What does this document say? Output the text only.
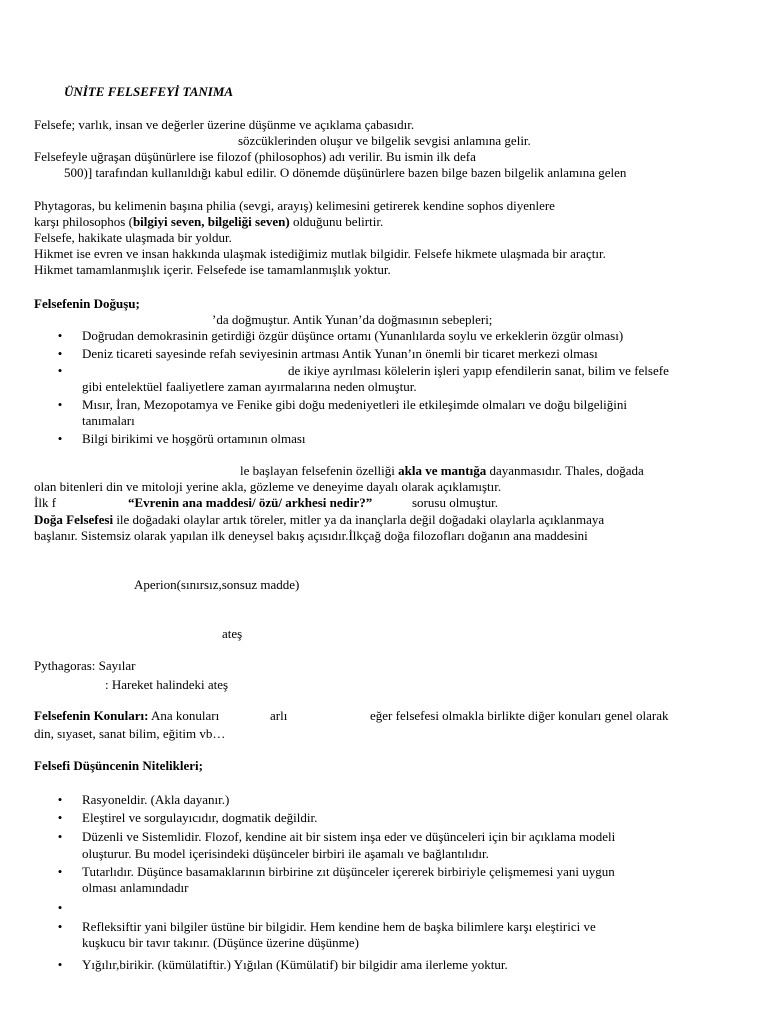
ÜNİTE FELSEFEYİ TANIMA
Felsefe; varlık, insan ve değerler üzerine düşünme ve açıklama çabasıdır.
sözcüklerinden oluşur ve bilgelik sevgisi anlamına gelir.
Felsefeyle uğraşan düşünürlere ise filozof (philosophos) adı verilir. Bu ismin ilk defa
500)] tarafından kullanıldığı kabul edilir. O dönemde düşünürlere bazen bilge bazen bilgelik anlamına gelen
Phytagoras, bu kelimenin başına philia (sevgi, arayış) kelimesini getirerek kendine sophos diyenlere
karşı philosophos (bilgiyi seven, bilgeliği seven) olduğunu belirtir.
Felsefe, hakikate ulaşmada bir yoldur.
Hikmet ise evren ve insan hakkında ulaşmak istediğimiz mutlak bilgidir. Felsefe hikmete ulaşmada bir araçtır.
Hikmet tamamlanmışlık içerir. Felsefede ise tamamlanmışlık yoktur.
Felsefenin Doğuşu;
’da doğmuştur. Antik Yunan’da doğmasının sebepleri;
• Doğrudan demokrasinin getirdiği özgür düşünce ortamı (Yunanlılarda soylu ve erkeklerin özgür olması)
• Deniz ticareti sayesinde refah seviyesinin artması Antik Yunan’ın önemli bir ticaret merkezi olması
•	de ikiye ayrılması kölelerin işleri yapıp efendilerin sanat, bilim ve felsefe
gibi entelektüel faaliyetlere zaman ayırmalarına neden olmuştur.
• Mısır, İran, Mezopotamya ve Fenike gibi doğu medeniyetleri ile etkileşimde olmaları ve doğu bilgeliğini
tanımaları
• Bilgi birikimi ve hoşgörü ortamının olması
le başlayan felsefenin özelliği akla ve mantığa dayanmasıdır. Thales, doğada
olan bitenleri din ve mitoloji yerine akla, gözleme ve deneyime dayalı olarak açıklamıştır.
İlk f	“Evrenin ana maddesi/ özü/ arkhesi nedir?”	sorusu olmuştur.
Doğa Felsefesi ile doğadaki olaylar artık töreler, mitler ya da inançlarla değil doğadaki olaylarla açıklanmaya
başlanır. Sistemsiz olarak yapılan ilk deneysel bakış açısıdır.İlkçağ doğa filozofları doğanın ana maddesini
Aperion(sınırsız,sonsuz madde)
ateş
Pythagoras: Sayılar
: Hareket halindeki ateş
Felsefenin Konuları: Ana konuları	arlı	eğer felsefesi olmakla birlikte diğer konuları genel olarak
din, sıyaset, sanat bilim, eğitim vb…
Felsefi Düşüncenin Nitelikleri;
• Rasyoneldir. (Akla dayanır.)
• Eleştirel ve sorgulayıcıdır, dogmatik değildir.
• Düzenli ve Sistemlidir. Flozof, kendine ait bir sistem inşa eder ve düşünceleri için bir açıklama modeli
oluşturur. Bu model içerisindeki düşünceler birbiri ile aşamalı ve bağlantılıdır.
• Tutarlıdır. Düşünce basamaklarının birbirine zıt düşünceler içererek birbiriyle çelişmemesi yani uygun
olması anlamındadır
•
• Refleksiftir yani bilgiler üstüne bir bilgidir. Hem kendine hem de başka bilimlere karşı eleştirici ve
kuşkucu bir tavır takınır. (Düşünce üzerine düşünme)
• Yığılır,birikir. (kümülatiftir.) Yığılan (Kümülatif) bir bilgidir ama ilerleme yoktur.
